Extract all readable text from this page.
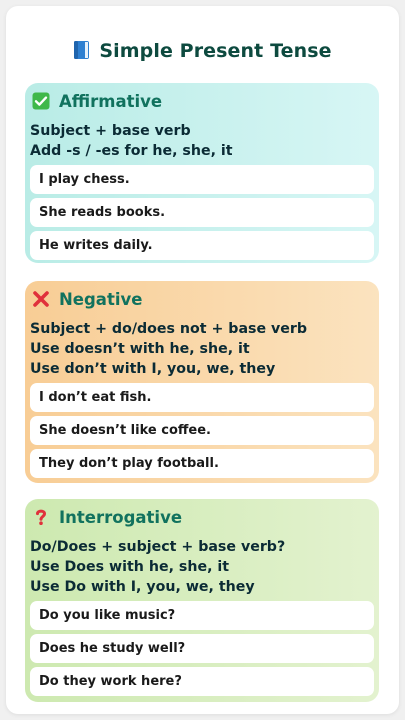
Simple Present Tense
Affirmative
Subject + base verb
Add -s / -es for he, she, it
I play chess.
She reads books.
He writes daily.
Negative
Subject + do/does not + base verb
Use doesn’t with he, she, it
Use don’t with I, you, we, they
I don’t eat fish.
She doesn’t like coffee.
They don’t play football.
Interrogative
Do/Does + subject + base verb?
Use Does with he, she, it
Use Do with I, you, we, they
Do you like music?
Does he study well?
Do they work here?
